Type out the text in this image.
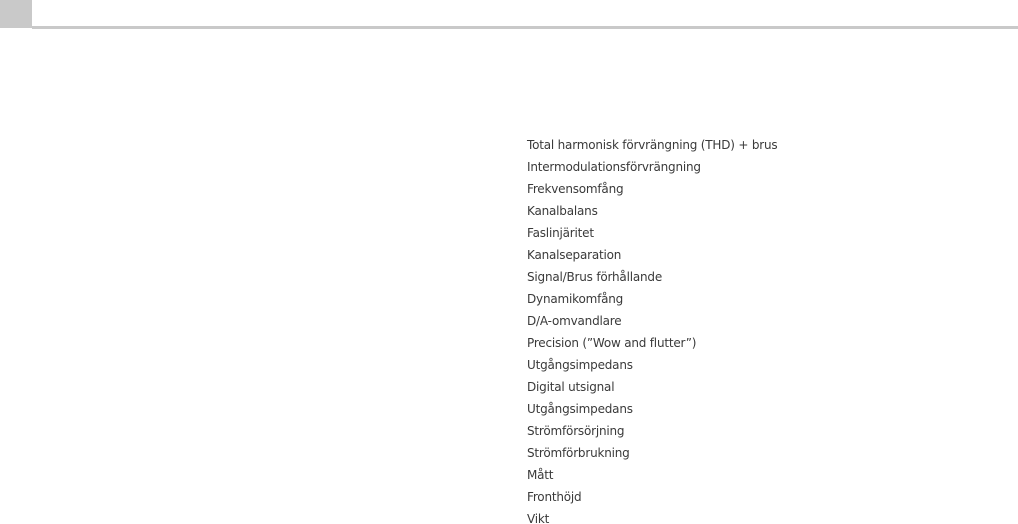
Total harmonisk förvrängning (THD) + brus
Intermodulationsförvrängning
Frekvensomfång
Kanalbalans
Faslinjäritet
Kanalseparation
Signal/Brus förhållande
Dynamikomfång
D/A-omvandlare
Precision (”Wow and flutter”)
Utgångsimpedans
Digital utsignal
Utgångsimpedans
Strömförsörjning
Strömförbrukning
Mått
Fronthöjd
Vikt
